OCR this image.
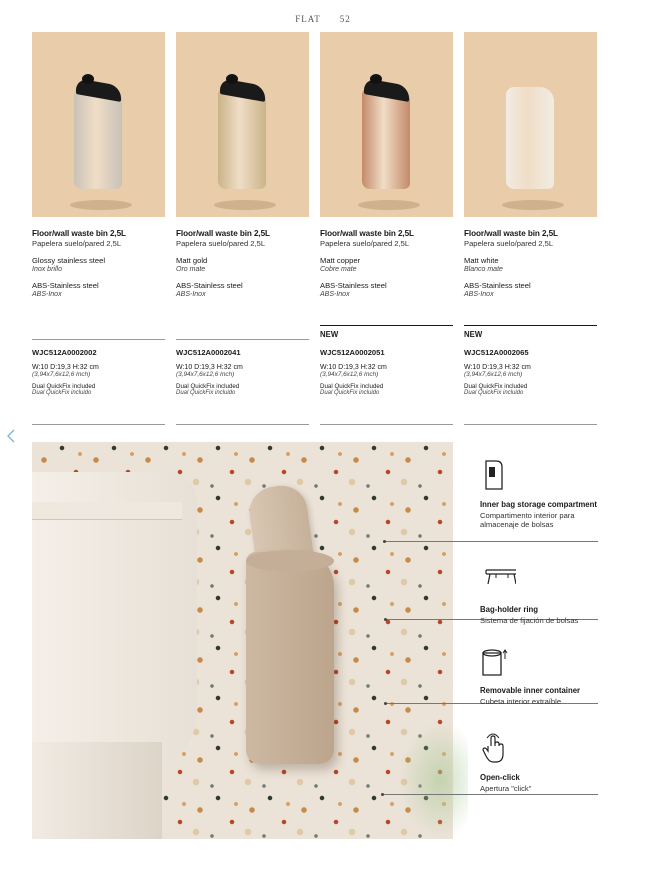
FLAT 52
Floor/wall waste bin 2,5L
Papelera suelo/pared 2,5L
Glossy stainless steel
Inox brillo
ABS-Stainless steel
ABS-Inox
WJC512A0002002
W:10 D:19,3 H:32 cm
(3,94x7,6x12,6 Inch)
Dual QuickFix included
Dual QuickFix incluido
Floor/wall waste bin 2,5L
Papelera suelo/pared 2,5L
Matt gold
Oro mate
ABS-Stainless steel
ABS-Inox
WJC512A0002041
W:10 D:19,3 H:32 cm
(3,94x7,6x12,6 Inch)
Dual QuickFix included
Dual QuickFix incluido
Floor/wall waste bin 2,5L
Papelera suelo/pared 2,5L
Matt copper
Cobre mate
ABS-Stainless steel
ABS-Inox
NEW
WJC512A0002051
W:10 D:19,3 H:32 cm
(3,94x7,6x12,6 Inch)
Dual QuickFix included
Dual QuickFix incluido
Floor/wall waste bin 2,5L
Papelera suelo/pared 2,5L
Matt white
Blanco mate
ABS-Stainless steel
ABS-Inox
NEW
WJC512A0002065
W:10 D:19,3 H:32 cm
(3,94x7,6x12,6 Inch)
Dual QuickFix included
Dual QuickFix incluido
Inner bag storage compartment
Compartimento interior para almacenaje de bolsas
Bag-holder ring
Sistema de fijación de bolsas
Removable inner container
Cubeta interior extraíble
Open-click
Apertura "click"
